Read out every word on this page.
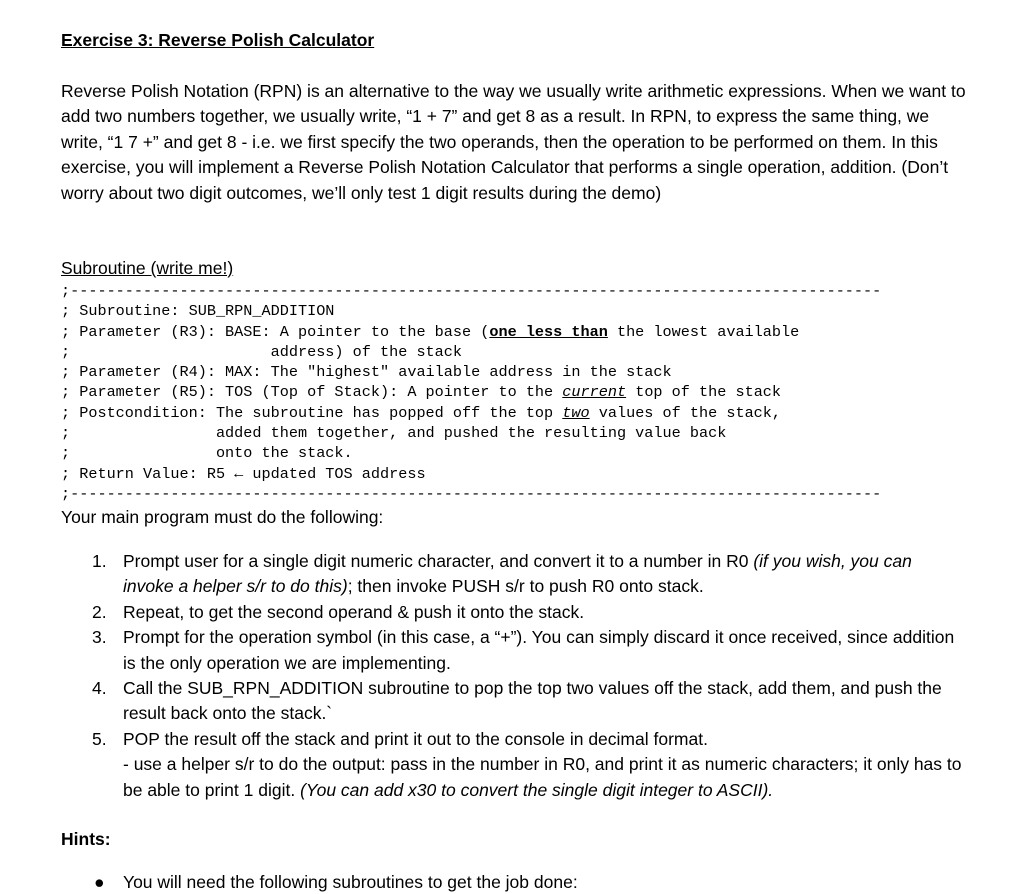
Exercise 3: Reverse Polish Calculator
Reverse Polish Notation (RPN) is an alternative to the way we usually write arithmetic expressions. When we want to add two numbers together, we usually write, “1 + 7” and get 8 as a result. In RPN, to express the same thing, we write, “1 7 +” and get 8 - i.e. we first specify the two operands, then the operation to be performed on them. In this exercise, you will implement a Reverse Polish Notation Calculator that performs a single operation, addition. (Don’t worry about two digit outcomes, we’ll only test 1 digit results during the demo)
Subroutine (write me!)
;-----------------------------------------------------------------------------------------
; Subroutine: SUB_RPN_ADDITION
; Parameter (R3): BASE: A pointer to the base (one less than the lowest available
;                      address) of the stack
; Parameter (R4): MAX: The "highest" available address in the stack
; Parameter (R5): TOS (Top of Stack): A pointer to the current top of the stack
; Postcondition: The subroutine has popped off the top two values of the stack,
;                added them together, and pushed the resulting value back
;                onto the stack.
; Return Value: R5 ← updated TOS address
;-----------------------------------------------------------------------------------------
Your main program must do the following:
1. Prompt user for a single digit numeric character, and convert it to a number in R0 (if you wish, you can invoke a helper s/r to do this); then invoke PUSH s/r to push R0 onto stack.
2. Repeat, to get the second operand & push it onto the stack.
3. Prompt for the operation symbol (in this case, a “+”). You can simply discard it once received, since addition is the only operation we are implementing.
4. Call the SUB_RPN_ADDITION subroutine to pop the top two values off the stack, add them, and push the result back onto the stack.`
5. POP the result off the stack and print it out to the console in decimal format.
- use a helper s/r to do the output: pass in the number in R0, and print it as numeric characters; it only has to be able to print 1 digit. (You can add x30 to convert the single digit integer to ASCII).
Hints:
● You will need the following subroutines to get the job done:
